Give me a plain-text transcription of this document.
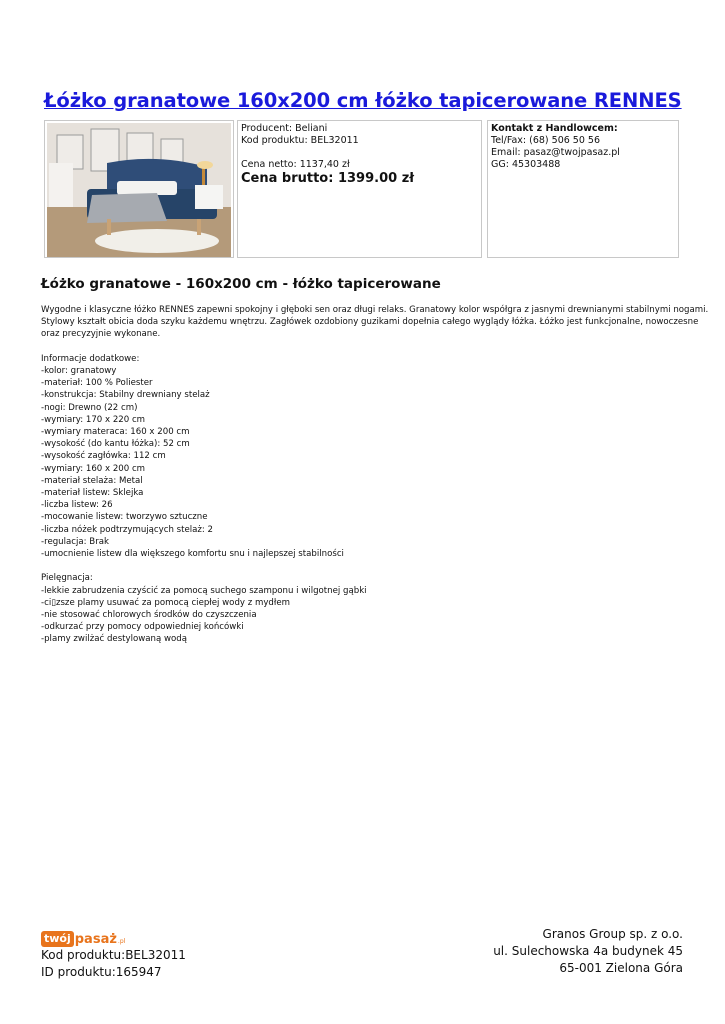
Łóżko granatowe 160x200 cm łóżko tapicerowane RENNES
Producent: Beliani
Kod produktu: BEL32011
Cena netto: 1137,40 zł
Cena brutto: 1399.00 zł
Kontakt z Handlowcem:
Tel/Fax: (68) 506 50 56
Email: pasaz@twojpasaz.pl
GG: 45303488
Łóżko granatowe - 160x200 cm - łóżko tapicerowane
Wygodne i klasyczne łóżko RENNES zapewni spokojny i głęboki sen oraz długi relaks. Granatowy kolor współgra z jasnymi drewnianymi stabilnymi nogami.
Stylowy kształt obicia doda szyku każdemu wnętrzu. Zagłówek ozdobiony guzikami dopełnia całego wyglądy łóżka. Łóżko jest funkcjonalne, nowoczesne
oraz precyzyjnie wykonane.
Informacje dodatkowe:
-kolor: granatowy
-materiał: 100 % Poliester
-konstrukcja: Stabilny drewniany stelaż
-nogi: Drewno (22 cm)
-wymiary: 170 x 220 cm
-wymiary materaca: 160 x 200 cm
-wysokość (do kantu łóżka): 52 cm
-wysokość zagłówka: 112 cm
-wymiary: 160 x 200 cm
-materiał stelaża: Metal
-materiał listew: Sklejka
-liczba listew: 26
-mocowanie listew: tworzywo sztuczne
-liczba nóżek podtrzymujących stelaż: 2
-regulacja: Brak
-umocnienie listew dla większego komfortu snu i najlepszej stabilności
Pielęgnacja:
-lekkie zabrudzenia czyścić za pomocą suchego szamponu i wilgotnej gąbki
-ci▯zsze plamy usuwać za pomocą ciepłej wody z mydłem
-nie stosować chlorowych środków do czyszczenia
-odkurzać przy pomocy odpowiedniej końcówki
-plamy zwilżać destylowaną wodą
twój pasaż .pl
Kod produktu:BEL32011
ID produktu:165947
Granos Group sp. z o.o.
ul. Sulechowska 4a budynek 45
65-001 Zielona Góra
